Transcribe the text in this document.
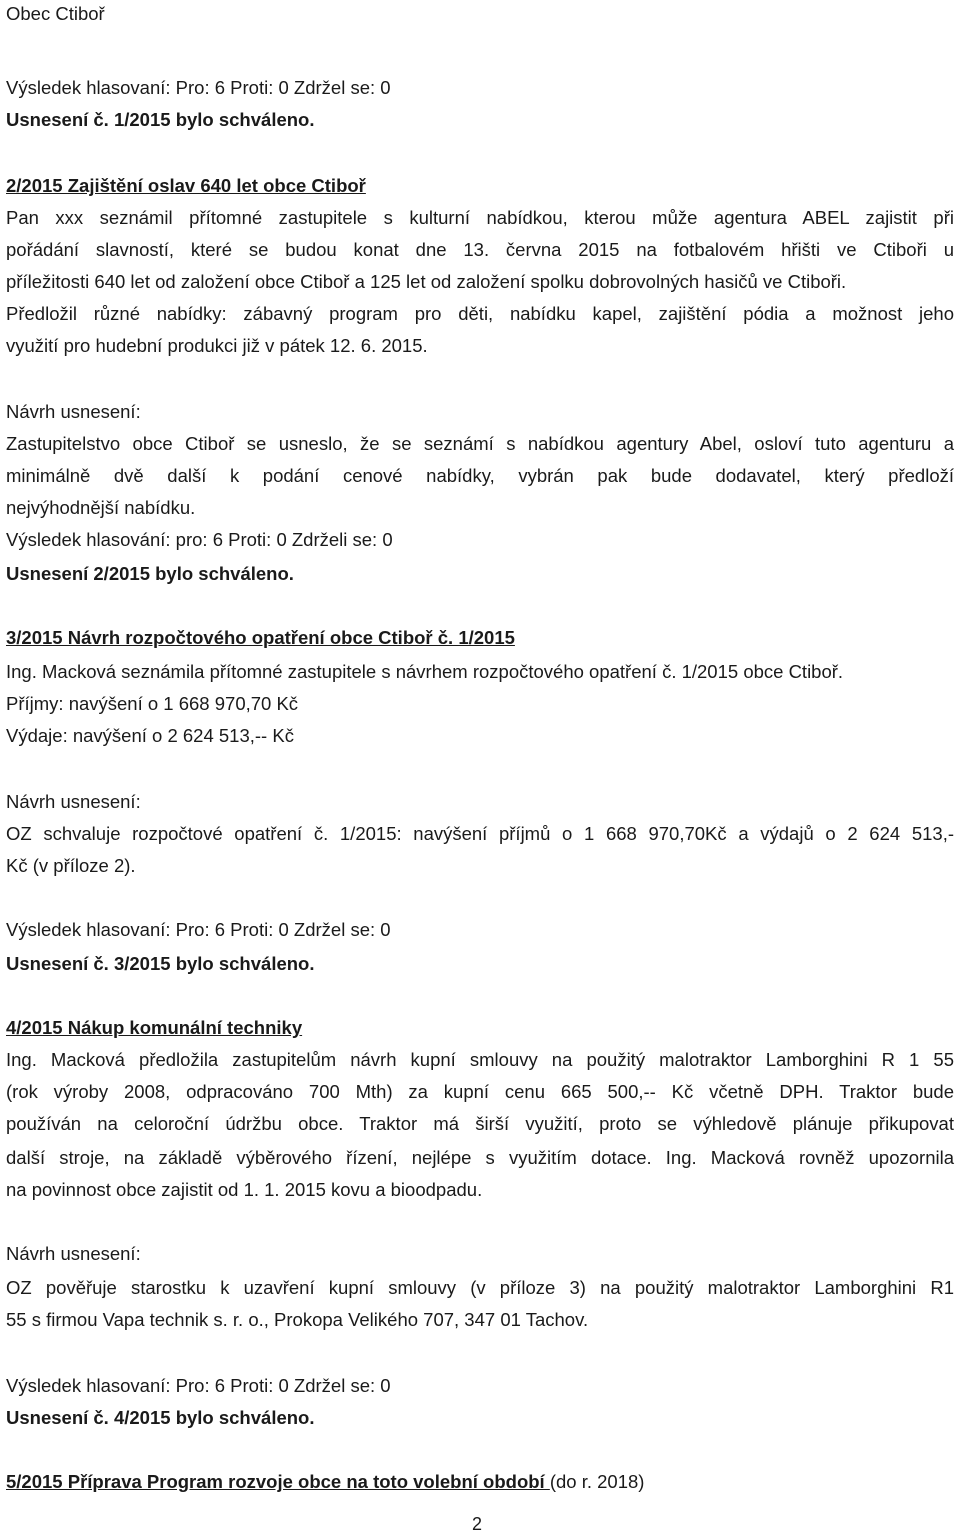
Obec Ctiboř
Výsledek hlasovaní: Pro: 6 Proti: 0 Zdržel se: 0
Usnesení č. 1/2015 bylo schváleno.
2/2015 Zajištění oslav 640 let obce Ctiboř
Pan xxx seznámil přítomné zastupitele s kulturní nabídkou, kterou může agentura ABEL zajistit při
pořádání slavností, které se budou konat dne 13. června 2015 na fotbalovém hřišti ve Ctiboři u
příležitosti 640 let od založení obce Ctiboř a 125 let od založení spolku dobrovolných hasičů ve Ctiboři.
Předložil různé nabídky: zábavný program pro děti, nabídku kapel, zajištění pódia a možnost jeho
využití pro hudební produkci již v pátek 12. 6. 2015.
Návrh usnesení:
Zastupitelstvo obce Ctiboř se usneslo, že se seznámí s nabídkou agentury Abel, osloví tuto agenturu a
minimálně dvě další k podání cenové nabídky, vybrán pak bude dodavatel, který předloží
nejvýhodnější nabídku.
Výsledek hlasování: pro: 6 Proti: 0 Zdrželi se: 0
Usnesení 2/2015 bylo schváleno.
3/2015 Návrh rozpočtového opatření obce Ctiboř č. 1/2015
Ing. Macková seznámila přítomné zastupitele s návrhem rozpočtového opatření č. 1/2015 obce Ctiboř.
Příjmy: navýšení o 1 668 970,70 Kč
Výdaje: navýšení o 2 624 513,-- Kč
Návrh usnesení:
OZ schvaluje rozpočtové opatření č. 1/2015: navýšení příjmů o 1 668 970,70Kč a výdajů o 2 624 513,-
Kč (v příloze 2).
Výsledek hlasovaní: Pro: 6 Proti: 0 Zdržel se: 0
Usnesení č. 3/2015 bylo schváleno.
4/2015 Nákup komunální techniky
Ing. Macková předložila zastupitelům návrh kupní smlouvy na použitý malotraktor Lamborghini R 1 55
(rok výroby 2008, odpracováno 700 Mth) za kupní cenu 665 500,-- Kč včetně DPH. Traktor bude
používán na celoroční údržbu obce. Traktor má širší využití, proto se výhledově plánuje přikupovat
další stroje, na základě výběrového řízení, nejlépe s využitím dotace. Ing. Macková rovněž upozornila
na povinnost obce zajistit od 1. 1. 2015 kovu a bioodpadu.
Návrh usnesení:
OZ pověřuje starostku k uzavření kupní smlouvy (v příloze 3) na použitý malotraktor Lamborghini R1
55 s firmou Vapa technik s. r. o., Prokopa Velikého 707, 347 01 Tachov.
Výsledek hlasovaní: Pro: 6 Proti: 0 Zdržel se: 0
Usnesení č. 4/2015 bylo schváleno.
5/2015 Příprava Program rozvoje obce na toto volební období (do r. 2018)
2
